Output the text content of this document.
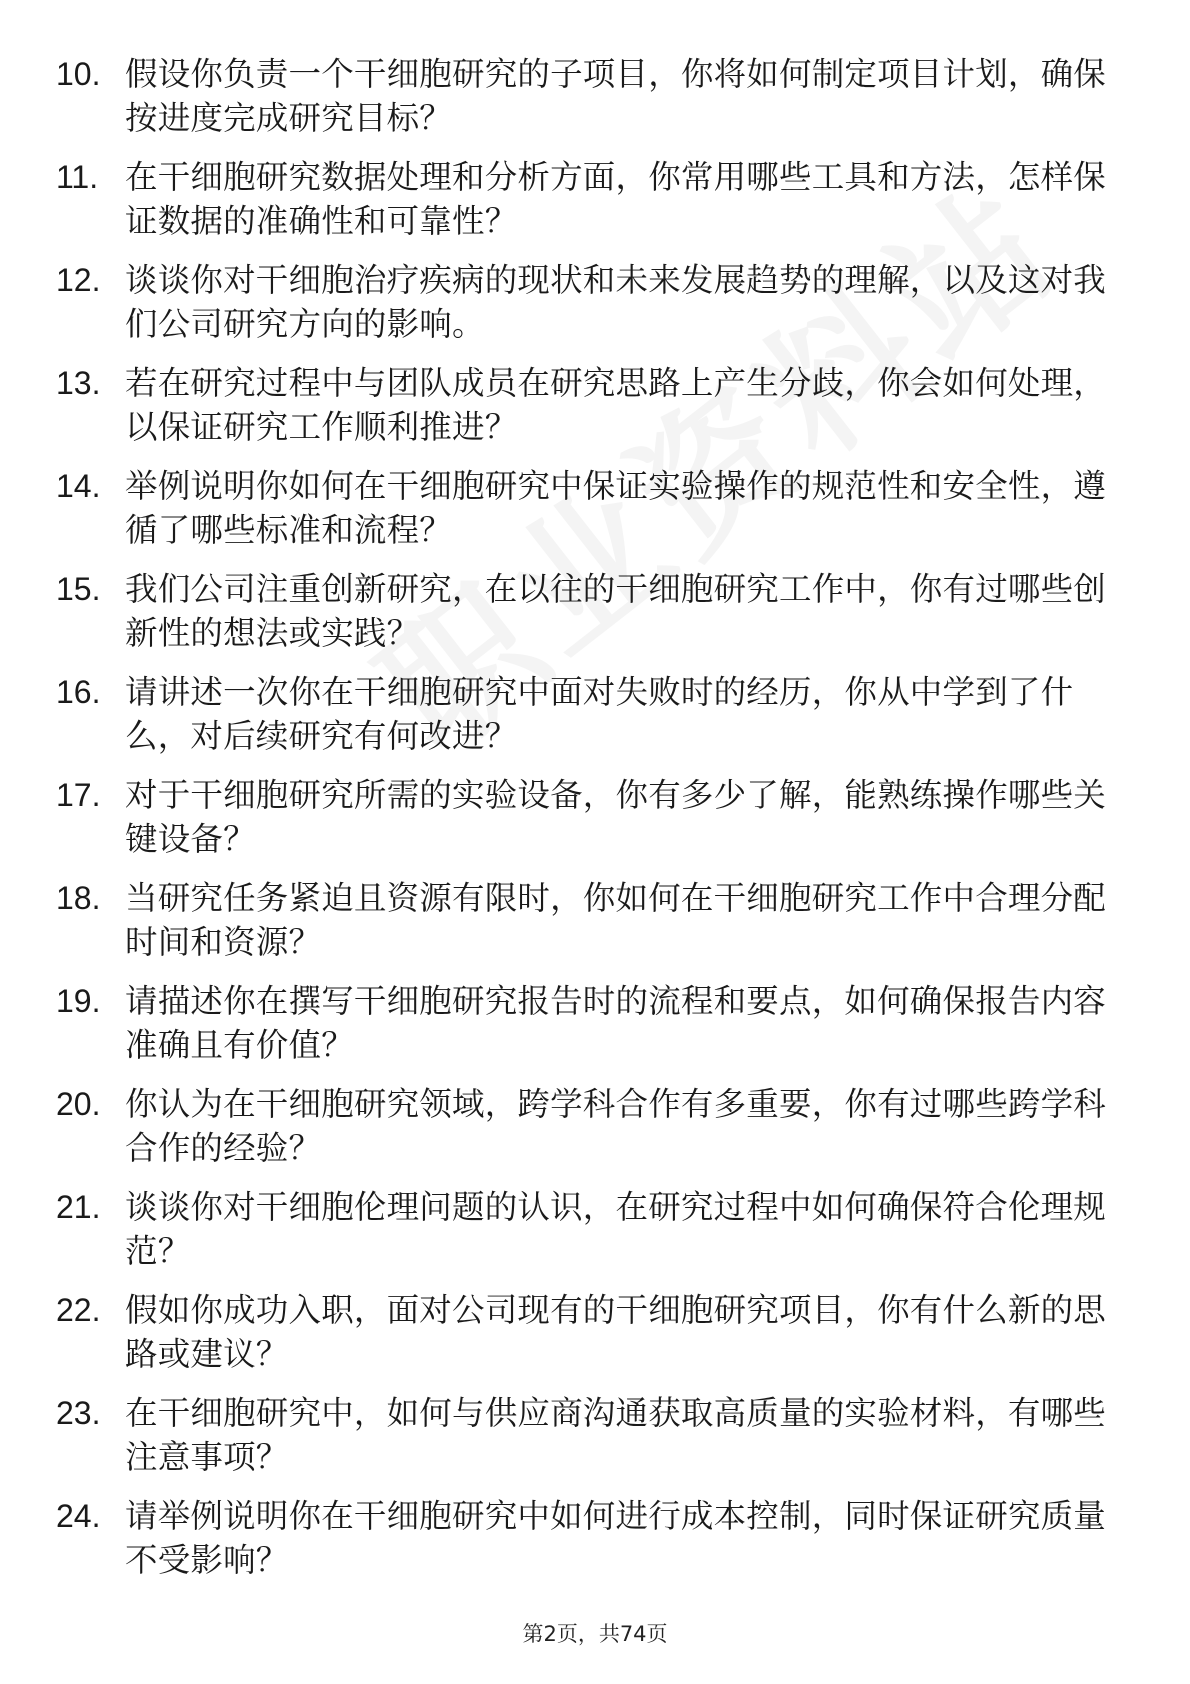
10. 假设你负责一个干细胞研究的子项目，你将如何制定项目计划，确保按进度完成研究目标？
11. 在干细胞研究数据处理和分析方面，你常用哪些工具和方法，怎样保证数据的准确性和可靠性？
12. 谈谈你对干细胞治疗疾病的现状和未来发展趋势的理解，以及这对我们公司研究方向的影响。
13. 若在研究过程中与团队成员在研究思路上产生分歧，你会如何处理，以保证研究工作顺利推进？
14. 举例说明你如何在干细胞研究中保证实验操作的规范性和安全性，遵循了哪些标准和流程？
15. 我们公司注重创新研究，在以往的干细胞研究工作中，你有过哪些创新性的想法或实践？
16. 请讲述一次你在干细胞研究中面对失败时的经历，你从中学到了什么，对后续研究有何改进？
17. 对于干细胞研究所需的实验设备，你有多少了解，能熟练操作哪些关键设备？
18. 当研究任务紧迫且资源有限时，你如何在干细胞研究工作中合理分配时间和资源？
19. 请描述你在撰写干细胞研究报告时的流程和要点，如何确保报告内容准确且有价值？
20. 你认为在干细胞研究领域，跨学科合作有多重要，你有过哪些跨学科合作的经验？
21. 谈谈你对干细胞伦理问题的认识，在研究过程中如何确保符合伦理规范？
22. 假如你成功入职，面对公司现有的干细胞研究项目，你有什么新的思路或建议？
23. 在干细胞研究中，如何与供应商沟通获取高质量的实验材料，有哪些注意事项？
24. 请举例说明你在干细胞研究中如何进行成本控制，同时保证研究质量不受影响？
第2页，共74页
